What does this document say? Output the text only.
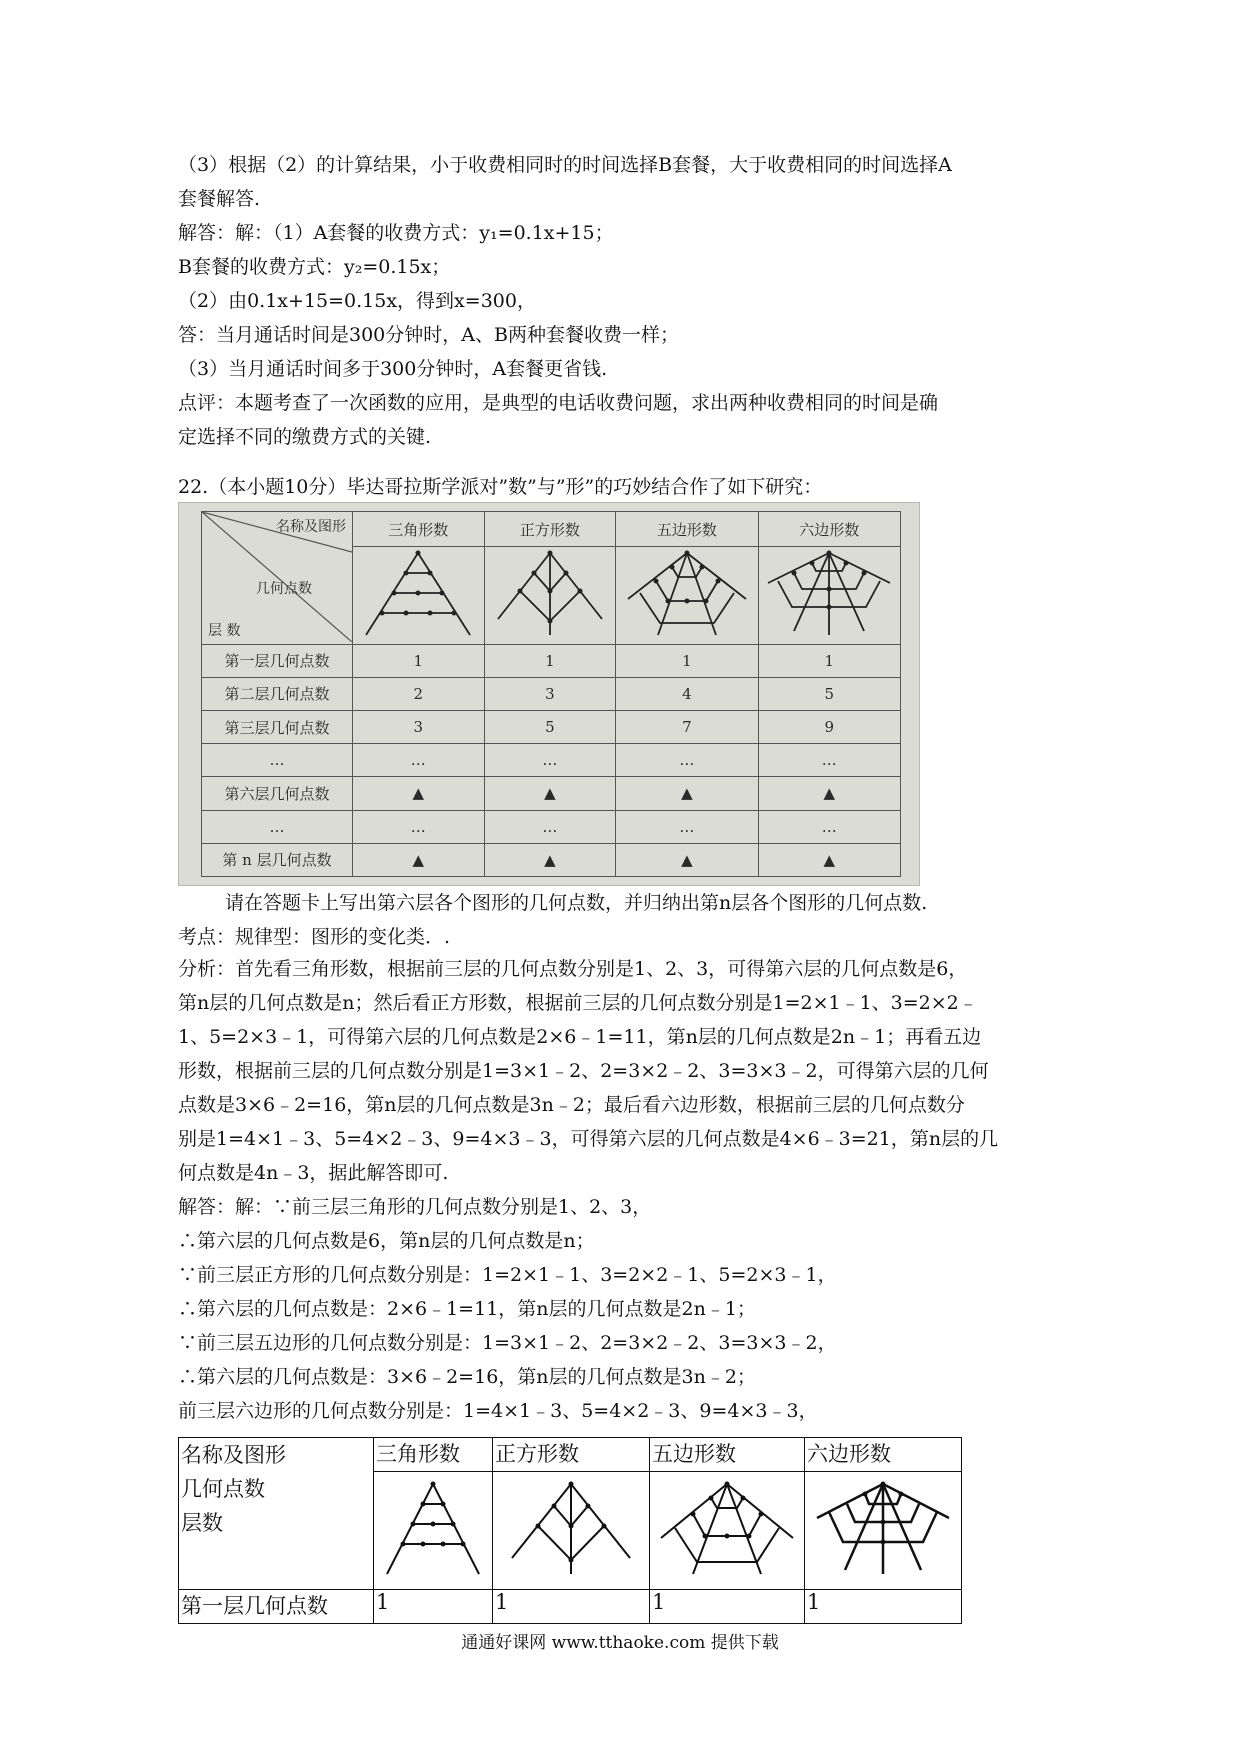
（3）根据（2）的计算结果，小于收费相同时的时间选择B套餐，大于收费相同的时间选择A
套餐解答.
解答：解：（1）A套餐的收费方式：y₁=0.1x+15；
B套餐的收费方式：y₂=0.15x；
（2）由0.1x+15=0.15x，得到x=300，
答：当月通话时间是300分钟时，A、B两种套餐收费一样；
（3）当月通话时间多于300分钟时，A套餐更省钱.
点评：本题考查了一次函数的应用，是典型的电话收费问题，求出两种收费相同的时间是确
定选择不同的缴费方式的关键.
22.（本小题10分）毕达哥拉斯学派对”数”与”形”的巧妙结合作了如下研究：
名称及图形
几何点数
层 数	三角形数	正方形数	五边形数	六边形数

第一层几何点数	1	1	1	1
第二层几何点数	2	3	4	5
第三层几何点数	3	5	7	9
…	…	…	…	…
第六层几何点数	▲	▲	▲	▲
…	…	…	…	…
第 n 层几何点数	▲	▲	▲	▲
请在答题卡上写出第六层各个图形的几何点数，并归纳出第n层各个图形的几何点数.
考点：规律型：图形的变化类．.
分析：首先看三角形数，根据前三层的几何点数分别是1、2、3，可得第六层的几何点数是6，
第n层的几何点数是n；然后看正方形数，根据前三层的几何点数分别是1=2×1﹣1、3=2×2﹣
1、5=2×3﹣1，可得第六层的几何点数是2×6﹣1=11，第n层的几何点数是2n﹣1；再看五边
形数，根据前三层的几何点数分别是1=3×1﹣2、2=3×2﹣2、3=3×3﹣2，可得第六层的几何
点数是3×6﹣2=16，第n层的几何点数是3n﹣2；最后看六边形数，根据前三层的几何点数分
别是1=4×1﹣3、5=4×2﹣3、9=4×3﹣3，可得第六层的几何点数是4×6﹣3=21，第n层的几
何点数是4n﹣3，据此解答即可.
解答：解：∵前三层三角形的几何点数分别是1、2、3，
∴第六层的几何点数是6，第n层的几何点数是n；
∵前三层正方形的几何点数分别是：1=2×1﹣1、3=2×2﹣1、5=2×3﹣1，
∴第六层的几何点数是：2×6﹣1=11，第n层的几何点数是2n﹣1；
∵前三层五边形的几何点数分别是：1=3×1﹣2、2=3×2﹣2、3=3×3﹣2，
∴第六层的几何点数是：3×6﹣2=16，第n层的几何点数是3n﹣2；
前三层六边形的几何点数分别是：1=4×1﹣3、5=4×2﹣3、9=4×3﹣3，
名称及图形
几何点数
层数	三角形数	正方形数	五边形数	六边形数

第一层几何点数	1	1	1	1
通通好课网 www.tthaoke.com 提供下载
